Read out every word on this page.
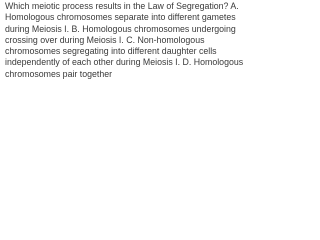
Which meiotic process results in the Law of Segregation? A. Homologous chromosomes separate into different gametes during Meiosis I. B. Homologous chromosomes undergoing crossing over during Meiosis I. C. Non-homologous chromosomes segregating into different daughter cells independently of each other during Meiosis I. D. Homologous chromosomes pair together
